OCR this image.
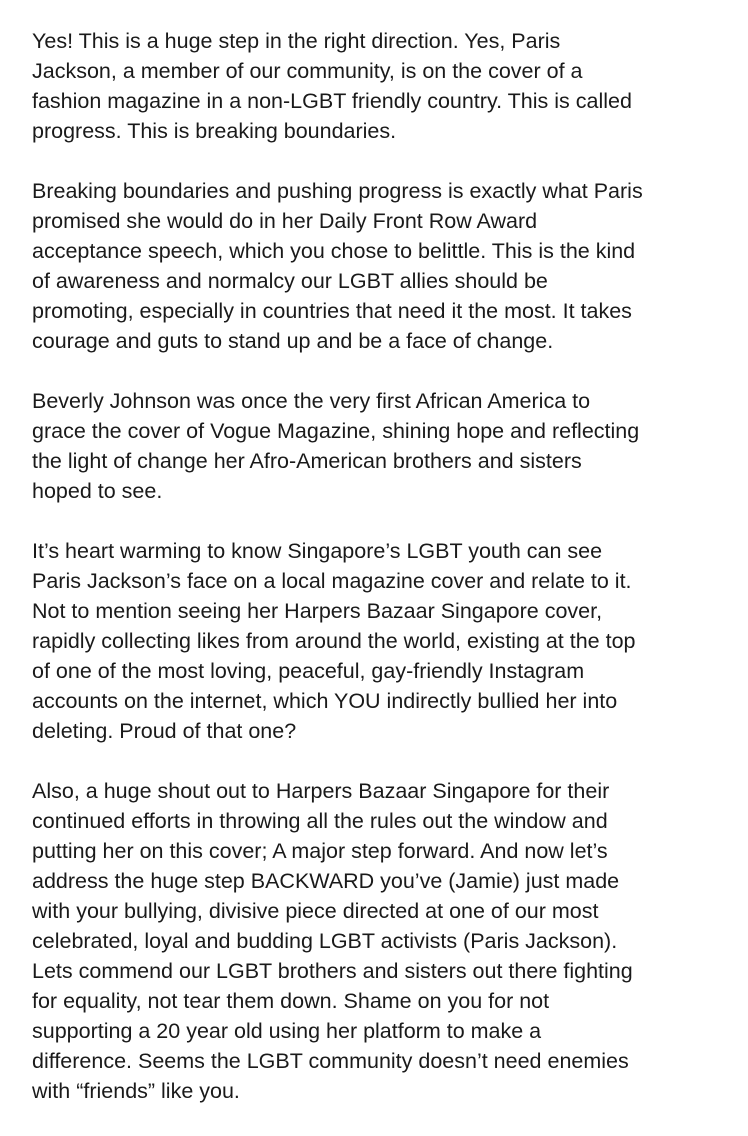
Yes! This is a huge step in the right direction. Yes, Paris
Jackson, a member of our community, is on the cover of a
fashion magazine in a non-LGBT friendly country. This is called
progress. This is breaking boundaries.

Breaking boundaries and pushing progress is exactly what Paris
promised she would do in her Daily Front Row Award
acceptance speech, which you chose to belittle. This is the kind
of awareness and normalcy our LGBT allies should be
promoting, especially in countries that need it the most. It takes
courage and guts to stand up and be a face of change.

Beverly Johnson was once the very first African America to
grace the cover of Vogue Magazine, shining hope and reflecting
the light of change her Afro-American brothers and sisters
hoped to see.

It’s heart warming to know Singapore’s LGBT youth can see
Paris Jackson’s face on a local magazine cover and relate to it.
Not to mention seeing her Harpers Bazaar Singapore cover,
rapidly collecting likes from around the world, existing at the top
of one of the most loving, peaceful, gay-friendly Instagram
accounts on the internet, which YOU indirectly bullied her into
deleting. Proud of that one?

Also, a huge shout out to Harpers Bazaar Singapore for their
continued efforts in throwing all the rules out the window and
putting her on this cover; A major step forward. And now let’s
address the huge step BACKWARD you’ve (Jamie) just made
with your bullying, divisive piece directed at one of our most
celebrated, loyal and budding LGBT activists (Paris Jackson).
Lets commend our LGBT brothers and sisters out there fighting
for equality, not tear them down. Shame on you for not
supporting a 20 year old using her platform to make a
difference. Seems the LGBT community doesn’t need enemies
with “friends” like you.
